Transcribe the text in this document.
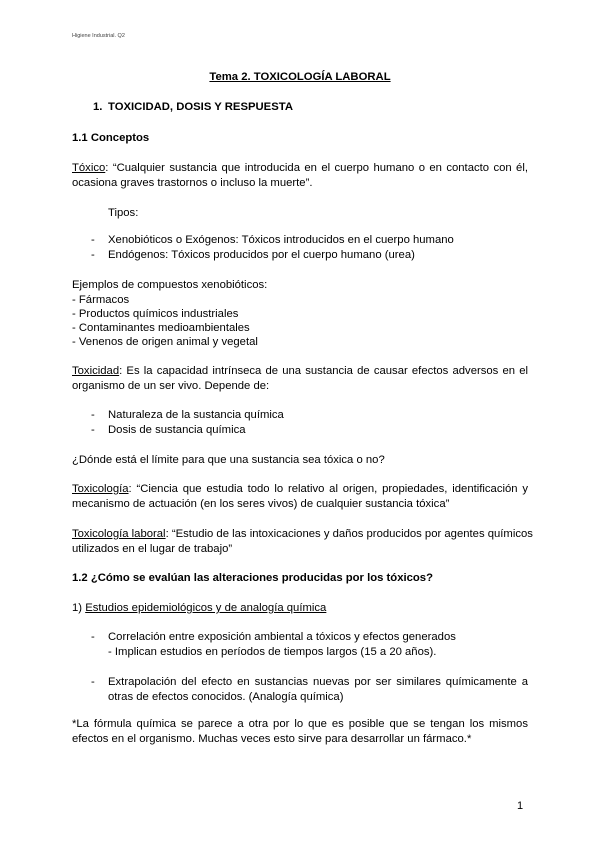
Higiene Industrial. Q2
Tema 2. TOXICOLOGÍA LABORAL
1. TOXICIDAD, DOSIS Y RESPUESTA
1.1 Conceptos
Tóxico: “Cualquier sustancia que introducida en el cuerpo humano o en contacto con él,
ocasiona graves trastornos o incluso la muerte”.
Tipos:
- Xenobióticos o Exógenos: Tóxicos introducidos en el cuerpo humano
- Endógenos: Tóxicos producidos por el cuerpo humano (urea)
Ejemplos de compuestos xenobióticos:
- Fármacos
- Productos químicos industriales
- Contaminantes medioambientales
- Venenos de origen animal y vegetal
Toxicidad: Es la capacidad intrínseca de una sustancia de causar efectos adversos en el
organismo de un ser vivo. Depende de:
- Naturaleza de la sustancia química
- Dosis de sustancia química
¿Dónde está el límite para que una sustancia sea tóxica o no?
Toxicología: “Ciencia que estudia todo lo relativo al origen, propiedades, identificación y
mecanismo de actuación (en los seres vivos) de cualquier sustancia tóxica”
Toxicología laboral: “Estudio de las intoxicaciones y daños producidos por agentes químicos
utilizados en el lugar de trabajo”
1.2 ¿Cómo se evalúan las alteraciones producidas por los tóxicos?
1) Estudios epidemiológicos y de analogía química
- Correlación entre exposición ambiental a tóxicos y efectos generados
- Implican estudios en períodos de tiempos largos (15 a 20 años).
- Extrapolación del efecto en sustancias nuevas por ser similares químicamente a
otras de efectos conocidos. (Analogía química)
*La fórmula química se parece a otra por lo que es posible que se tengan los mismos
efectos en el organismo. Muchas veces esto sirve para desarrollar un fármaco.*
1
